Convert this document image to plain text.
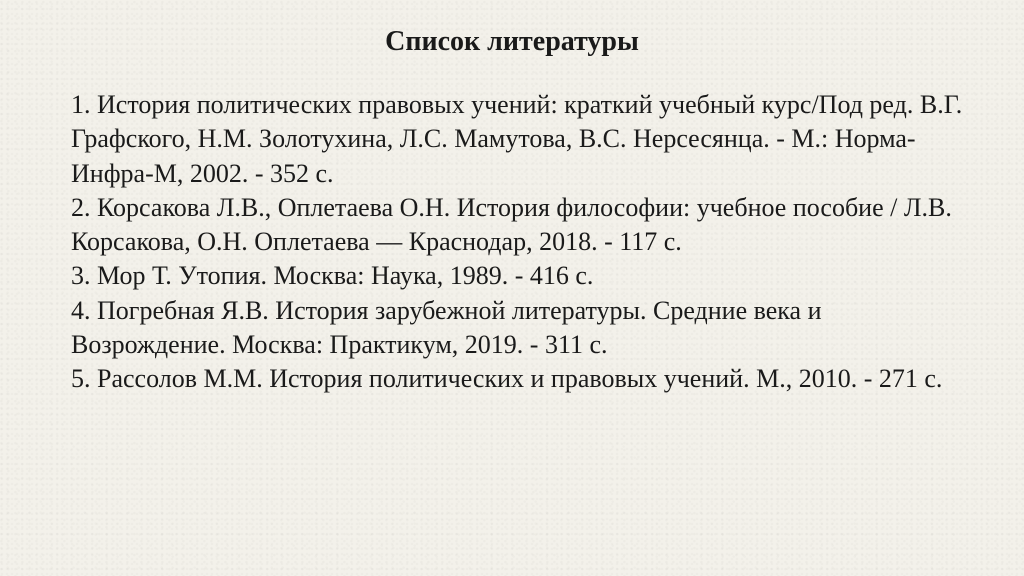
Список литературы
1. История политических правовых учений: краткий учебный курс/Под ред. В.Г. Графского, Н.М. Золотухина, Л.С. Мамутова, В.С. Нерсесянца. - М.: Норма-Инфра-М, 2002. - 352 с.
2. Корсакова Л.В., Оплетаева О.Н. История философии: учебное пособие / Л.В. Корсакова, О.Н. Оплетаева — Краснодар, 2018. - 117 с.
3. Мор Т. Утопия. Москва: Наука, 1989. - 416 с.
4. Погребная Я.В. История зарубежной литературы. Средние века и Возрождение. Москва: Практикум, 2019. - 311 с.
5. Рассолов М.М. История политических и правовых учений. М., 2010. - 271 с.
